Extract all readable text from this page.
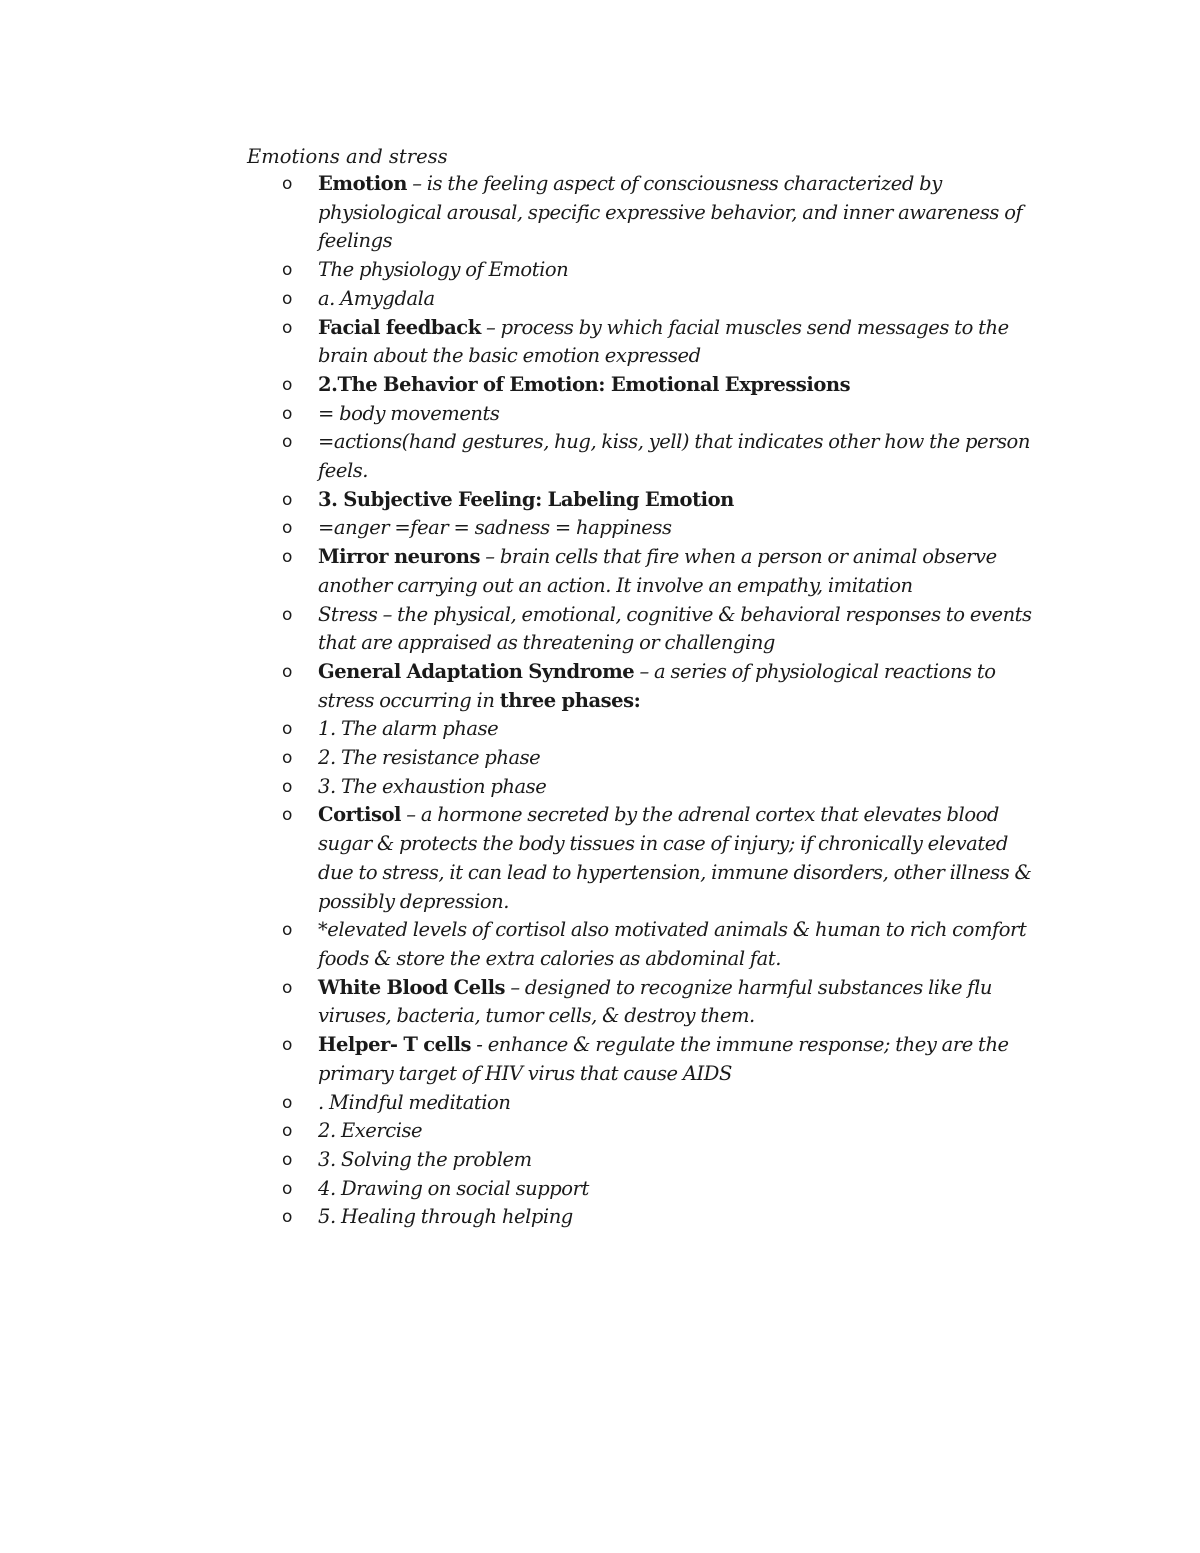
Emotions and stress
o Emotion – is the feeling aspect of consciousness characterized by physiological arousal, specific expressive behavior, and inner awareness of feelings
o The physiology of Emotion
o a. Amygdala
o Facial feedback – process by which facial muscles send messages to the brain about the basic emotion expressed
o 2.The Behavior of Emotion: Emotional Expressions
o = body movements
o =actions(hand gestures, hug, kiss, yell) that indicates other how the person feels.
o 3. Subjective Feeling: Labeling Emotion
o =anger =fear = sadness = happiness
o Mirror neurons – brain cells that fire when a person or animal observe another carrying out an action. It involve an empathy, imitation
o Stress – the physical, emotional, cognitive & behavioral responses to events that are appraised as threatening or challenging
o General Adaptation Syndrome – a series of physiological reactions to stress occurring in three phases:
o 1. The alarm phase
o 2. The resistance phase
o 3. The exhaustion phase
o Cortisol – a hormone secreted by the adrenal cortex that elevates blood sugar & protects the body tissues in case of injury; if chronically elevated due to stress, it can lead to hypertension, immune disorders, other illness & possibly depression.
o *elevated levels of cortisol also motivated animals & human to rich comfort foods & store the extra calories as abdominal fat.
o White Blood Cells – designed to recognize harmful substances like flu viruses, bacteria, tumor cells, & destroy them.
o Helper- T cells - enhance & regulate the immune response; they are the primary target of HIV virus that cause AIDS
o . Mindful meditation
o 2. Exercise
o 3. Solving the problem
o 4. Drawing on social support
o 5. Healing through helping
